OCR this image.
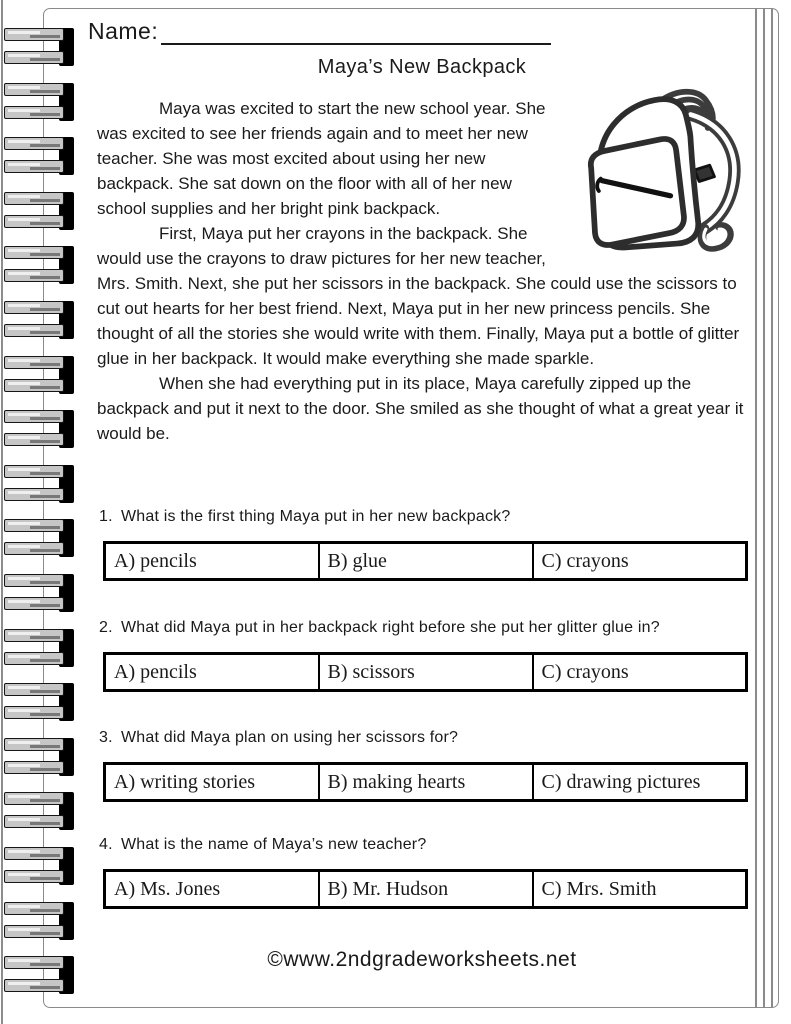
Name:
Maya’s New Backpack

Maya was excited to start the new school year. She was excited to see her friends again and to meet her new teacher. She was most excited about using her new backpack. She sat down on the floor with all of her new school supplies and her bright pink backpack.

First, Maya put her crayons in the backpack. She would use the crayons to draw pictures for her new teacher, Mrs. Smith. Next, she put her scissors in the backpack. She could use the scissors to cut out hearts for her best friend. Next, Maya put in her new princess pencils. She thought of all the stories she would write with them. Finally, Maya put a bottle of glitter glue in her backpack. It would make everything she made sparkle.

When she had everything put in its place, Maya carefully zipped up the backpack and put it next to the door. She smiled as she thought of what a great year it would be.

1. What is the first thing Maya put in her new backpack?
A) pencils	B) glue	C) crayons
2. What did Maya put in her backpack right before she put her glitter glue in?
A) pencils	B) scissors	C) crayons
3. What did Maya plan on using her scissors for?
A) writing stories	B) making hearts	C) drawing pictures
4. What is the name of Maya’s new teacher?
A) Ms. Jones	B) Mr. Hudson	C) Mrs. Smith
©www.2ndgradeworksheets.net
